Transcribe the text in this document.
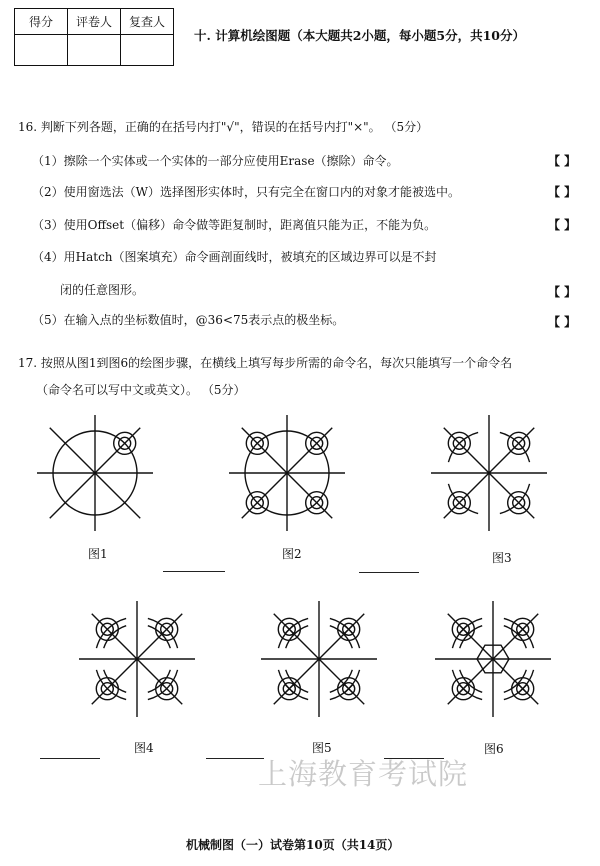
得分	评卷人	复查人

十. 计算机绘图题（本大题共2小题，每小题5分，共10分）
16. 判断下列各题，正确的在括号内打"√"，错误的在括号内打"×"。 （5分）
（1）擦除一个实体或一个实体的一部分应使用Erase（擦除）命令。	【 】
（2）使用窗选法（W）选择图形实体时，只有完全在窗口内的对象才能被选中。	【 】
（3）使用Offset（偏移）命令做等距复制时，距离值只能为正，不能为负。	【 】
（4）用Hatch（图案填充）命令画剖面线时，被填充的区域边界可以是不封
闭的任意图形。	【 】
（5）在输入点的坐标数值时，@36<75表示点的极坐标。	【 】
17. 按照从图1到图6的绘图步骤，在横线上填写每步所需的命令名，每次只能填写一个命令名
（命令名可以写中文或英文）。 （5分）
图1	图2	图3
图4	图5	图6
上海教育考试院
机械制图（一）试卷第10页（共14页）
